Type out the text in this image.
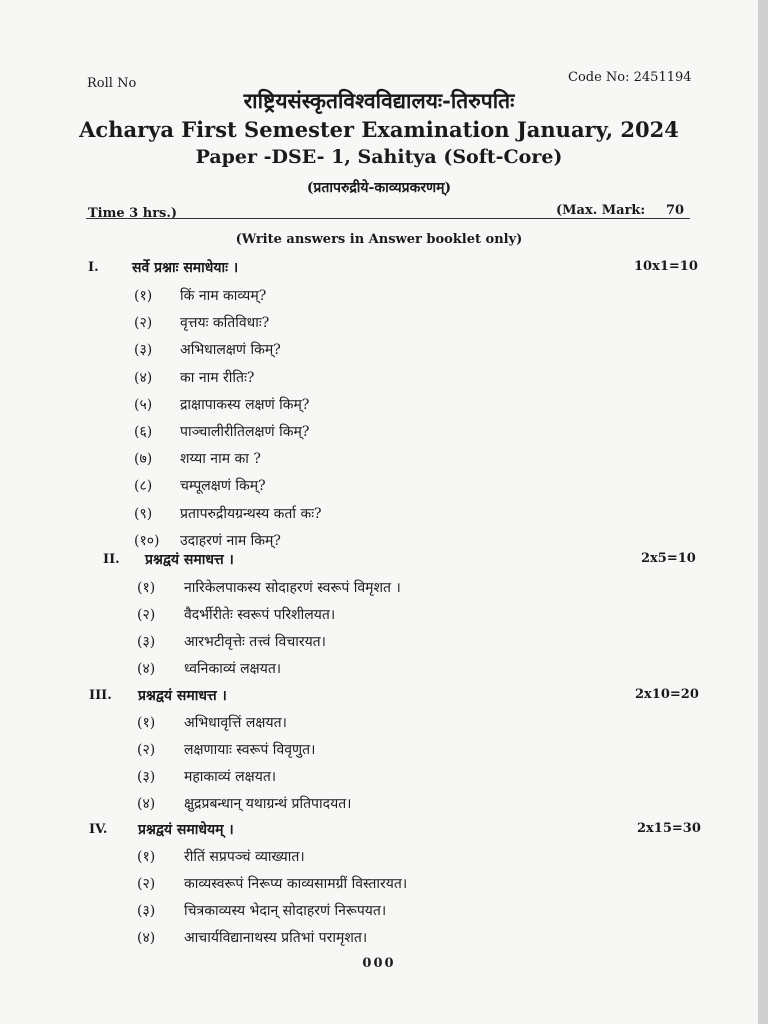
Roll No	Code No: 2451194
राष्ट्रियसंस्कृतविश्वविद्यालयः-तिरुपतिः
Acharya First Semester Examination January, 2024
Paper -DSE- 1, Sahitya (Soft-Core)
(प्रतापरुद्रीये-काव्यप्रकरणम्)
Time 3 hrs.)	(Max. Mark: 70
(Write answers in Answer booklet only)
I. सर्वे प्रश्नाः समाधेयाः ।	10x1=10
(१) किं नाम काव्यम्?
(२) वृत्तयः कतिविधाः?
(३) अभिधालक्षणं किम्?
(४) का नाम रीतिः?
(५) द्राक्षापाकस्य लक्षणं किम्?
(६) पाञ्चालीरीतिलक्षणं किम्?
(७) शय्या नाम का ?
(८) चम्पूलक्षणं किम्?
(९) प्रतापरुद्रीयग्रन्थस्य कर्ता कः?
(१०) उदाहरणं नाम किम्?
II. प्रश्नद्वयं समाधत्त ।	2x5=10
(१) नारिकेलपाकस्य सोदाहरणं स्वरूपं विमृशत ।
(२) वैदर्भीरीतेः स्वरूपं परिशीलयत।
(३) आरभटीवृत्तेः तत्त्वं विचारयत।
(४) ध्वनिकाव्यं लक्षयत।
III. प्रश्नद्वयं समाधत्त ।	2x10=20
(१) अभिधावृत्तिं लक्षयत।
(२) लक्षणायाः स्वरूपं विवृणुत।
(३) महाकाव्यं लक्षयत।
(४) क्षुद्रप्रबन्धान् यथाग्रन्थं प्रतिपादयत।
IV. प्रश्नद्वयं समाधेयम् ।	2x15=30
(१) रीतिं सप्रपञ्चं व्याख्यात।
(२) काव्यस्वरूपं निरूप्य काव्यसामग्रीं विस्तारयत।
(३) चित्रकाव्यस्य भेदान् सोदाहरणं निरूपयत।
(४) आचार्यविद्यानाथस्य प्रतिभां परामृशत।
000
